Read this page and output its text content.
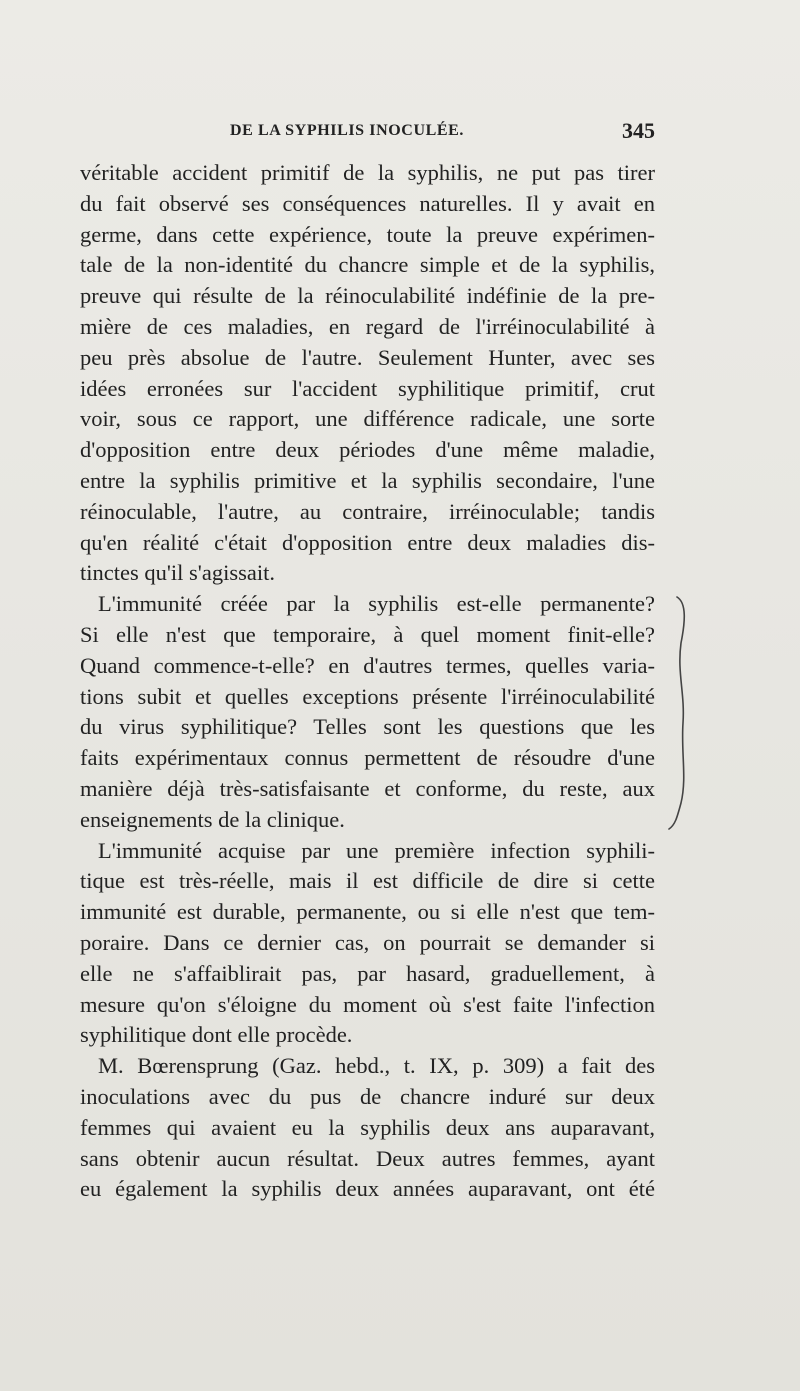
DE LA SYPHILIS INOCULÉE.	345
véritable accident primitif de la syphilis, ne put pas tirer
du fait observé ses conséquences naturelles. Il y avait en
germe, dans cette expérience, toute la preuve expérimen-
tale de la non-identité du chancre simple et de la syphilis,
preuve qui résulte de la réinoculabilité indéfinie de la pre-
mière de ces maladies, en regard de l'irréinoculabilité à
peu près absolue de l'autre. Seulement Hunter, avec ses
idées erronées sur l'accident syphilitique primitif, crut
voir, sous ce rapport, une différence radicale, une sorte
d'opposition entre deux périodes d'une même maladie,
entre la syphilis primitive et la syphilis secondaire, l'une
réinoculable, l'autre, au contraire, irréinoculable; tandis
qu'en réalité c'était d'opposition entre deux maladies dis-
tinctes qu'il s'agissait.
L'immunité créée par la syphilis est-elle permanente?
Si elle n'est que temporaire, à quel moment finit-elle?
Quand commence-t-elle? en d'autres termes, quelles varia-
tions subit et quelles exceptions présente l'irréinoculabilité
du virus syphilitique? Telles sont les questions que les
faits expérimentaux connus permettent de résoudre d'une
manière déjà très-satisfaisante et conforme, du reste, aux
enseignements de la clinique.
L'immunité acquise par une première infection syphili-
tique est très-réelle, mais il est difficile de dire si cette
immunité est durable, permanente, ou si elle n'est que tem-
poraire. Dans ce dernier cas, on pourrait se demander si
elle ne s'affaiblirait pas, par hasard, graduellement, à
mesure qu'on s'éloigne du moment où s'est faite l'infection
syphilitique dont elle procède.
M. Bœrensprung (Gaz. hebd., t. IX, p. 309) a fait des
inoculations avec du pus de chancre induré sur deux
femmes qui avaient eu la syphilis deux ans auparavant,
sans obtenir aucun résultat. Deux autres femmes, ayant
eu également la syphilis deux années auparavant, ont été
